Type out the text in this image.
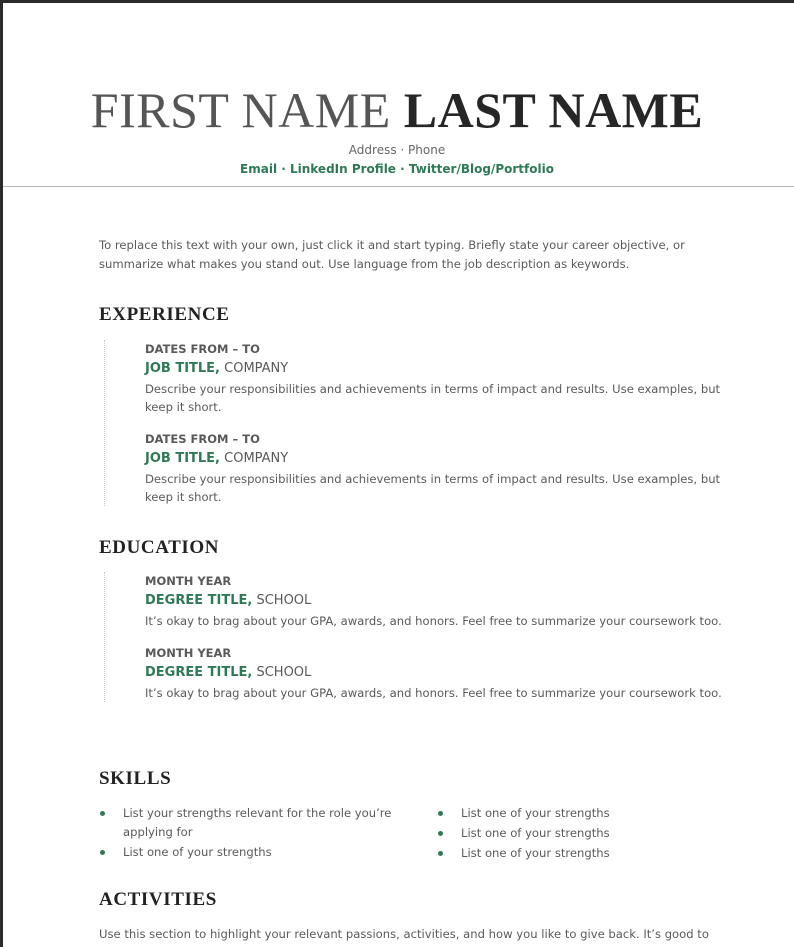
FIRST NAME LAST NAME
Address · Phone
Email · LinkedIn Profile · Twitter/Blog/Portfolio

To replace this text with your own, just click it and start typing. Briefly state your career objective, or summarize what makes you stand out. Use language from the job description as keywords.

EXPERIENCE
DATES FROM – TO
JOB TITLE, COMPANY

Describe your responsibilities and achievements in terms of impact and results. Use examples, but keep it short.

DATES FROM – TO
JOB TITLE, COMPANY

Describe your responsibilities and achievements in terms of impact and results. Use examples, but keep it short.

EDUCATION
MONTH YEAR
DEGREE TITLE, SCHOOL

It’s okay to brag about your GPA, awards, and honors. Feel free to summarize your coursework too.

MONTH YEAR
DEGREE TITLE, SCHOOL

It’s okay to brag about your GPA, awards, and honors. Feel free to summarize your coursework too.

SKILLS
List your strengths relevant for the role you’re applying for
List one of your strengths
List one of your strengths
List one of your strengths
List one of your strengths
ACTIVITIES

Use this section to highlight your relevant passions, activities, and how you like to give back. It’s good to
